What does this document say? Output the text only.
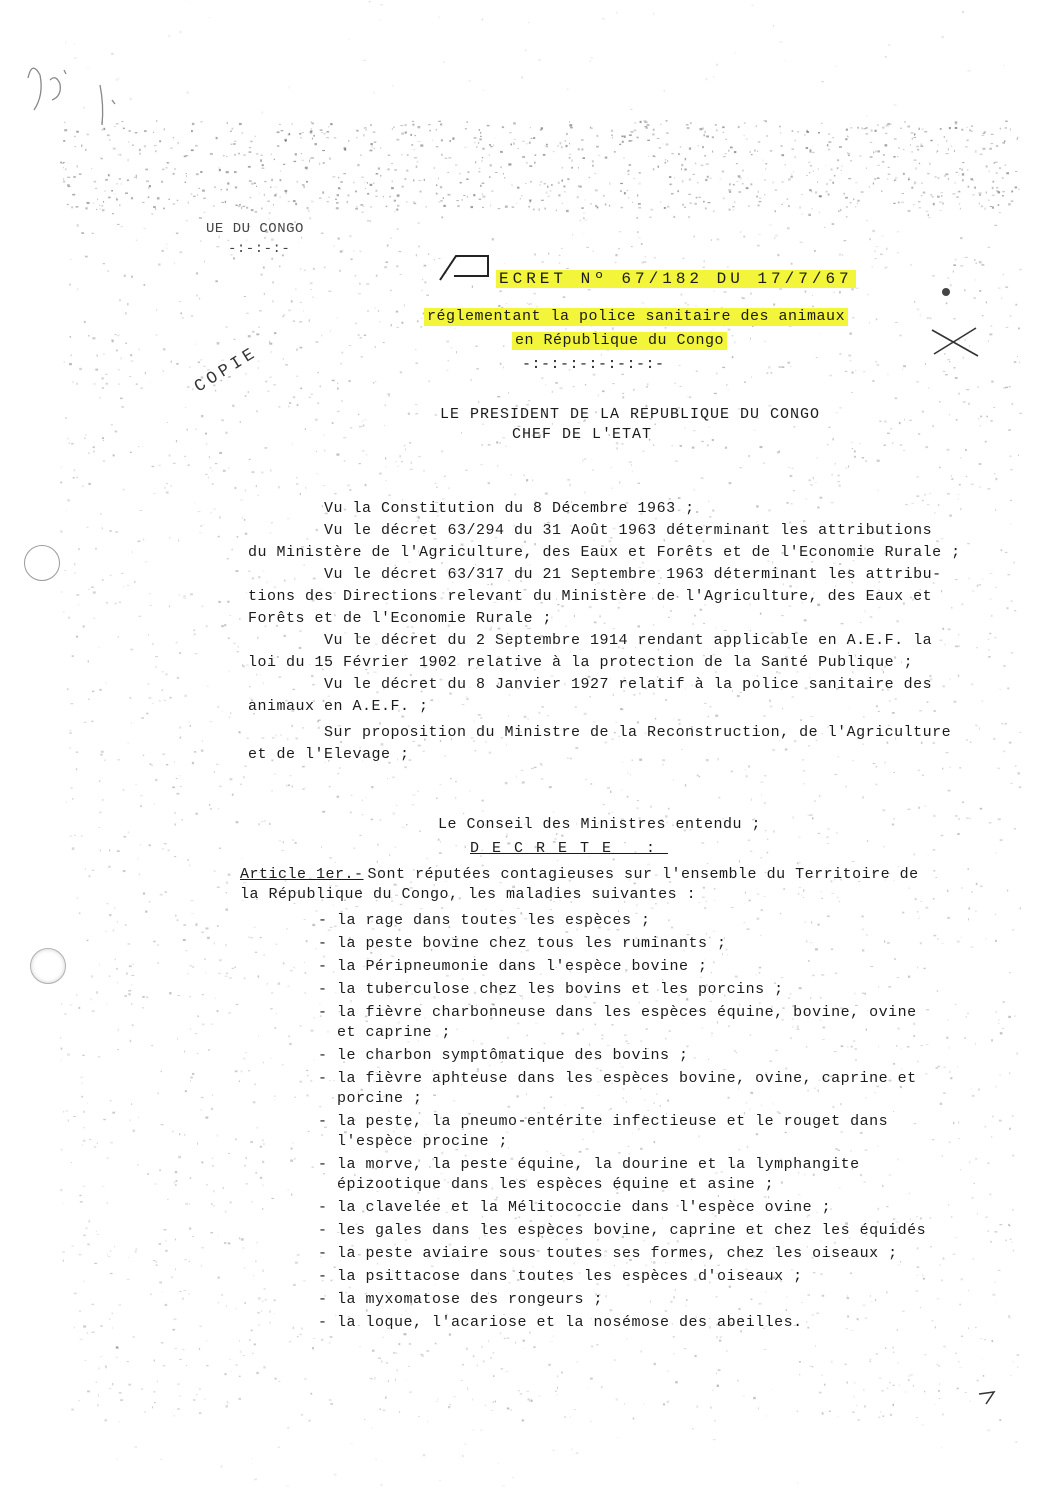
UE DU CONGO
-:-:-:-
ECRET Nº 67/182 DU 17/7/67
réglementant la police sanitaire des animaux
en République du Congo
-:-:-:-:-:-:-:-
COPIE
LE PRESIDENT DE LA REPUBLIQUE DU CONGO
CHEF DE L'ETAT
Vu la Constitution du 8 Décembre 1963 ;
Vu le décret 63/294 du 31 Août 1963 déterminant les attributions
du Ministère de l'Agriculture, des Eaux et Forêts et de l'Economie Rurale ;
Vu le décret 63/317 du 21 Septembre 1963 déterminant les attribu-
tions des Directions relevant du Ministère de l'Agriculture, des Eaux et
Forêts et de l'Economie Rurale ;
Vu le décret du 2 Septembre 1914 rendant applicable en A.E.F. la
loi du 15 Février 1902 relative à la protection de la Santé Publique ;
Vu le décret du 8 Janvier 1927 relatif à la police sanitaire des
animaux en A.E.F. ;
Sur proposition du Ministre de la Reconstruction, de l'Agriculture
et de l'Elevage ;
Le Conseil des Ministres entendu ;
DECRETE :
Article 1er.-
Sont réputées contagieuses sur l'ensemble du Territoire de
la République du Congo, les maladies suivantes :
- la rage dans toutes les espèces ;
- la peste bovine chez tous les ruminants ;
- la Péripneumonie dans l'espèce bovine ;
- la tuberculose chez les bovins et les porcins ;
- la fièvre charbonneuse dans les espèces équine, bovine, ovine
et caprine ;
- le charbon symptômatique des bovins ;
- la fièvre aphteuse dans les espèces bovine, ovine, caprine et
porcine ;
- la peste, la pneumo-entérite infectieuse et le rouget dans
l'espèce procine ;
- la morve, la peste équine, la dourine et la lymphangite
épizootique dans les espèces équine et asine ;
- la clavelée et la Mélitococcie dans l'espèce ovine ;
- les gales dans les espèces bovine, caprine et chez les équidés
- la peste aviaire sous toutes ses formes, chez les oiseaux ;
- la psittacose dans toutes les espèces d'oiseaux ;
- la myxomatose des rongeurs ;
- la loque, l'acariose et la nosémose des abeilles.
